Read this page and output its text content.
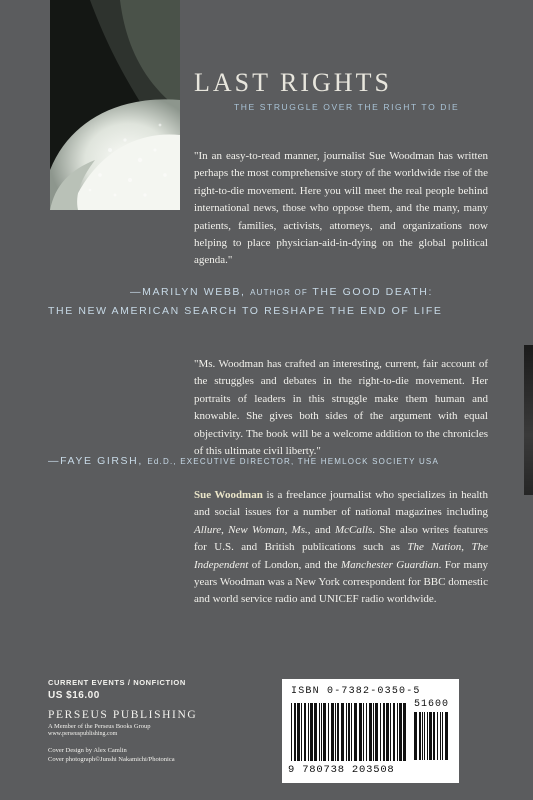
LAST RIGHTS
THE STRUGGLE OVER THE RIGHT TO DIE
"In an easy-to-read manner, journalist Sue Woodman has written perhaps the most comprehensive story of the worldwide rise of the right-to-die movement. Here you will meet the real people behind international news, those who oppose them, and the many, many patients, families, activists, attorneys, and organizations now helping to place physician-aid-in-dying on the global political agenda."
—MARILYN WEBB, AUTHOR OF THE GOOD DEATH:
THE NEW AMERICAN SEARCH TO RESHAPE THE END OF LIFE
"Ms. Woodman has crafted an interesting, current, fair account of the struggles and debates in the right-to-die movement. Her portraits of leaders in this struggle make them human and knowable. She gives both sides of the argument with equal objectivity. The book will be a welcome addition to the chronicles of this ultimate civil liberty."
—FAYE GIRSH, Ed.D., EXECUTIVE DIRECTOR, THE HEMLOCK SOCIETY USA
Sue Woodman is a freelance journalist who specializes in health and social issues for a number of national magazines including Allure, New Woman, Ms., and McCalls. She also writes features for U.S. and British publications such as The Nation, The Independent of London, and the Manchester Guardian. For many years Woodman was a New York correspondent for BBC domestic and world service radio and UNICEF radio worldwide.
CURRENT EVENTS / NONFICTION
US $16.00
PERSEUS PUBLISHING
A Member of the Perseus Books Group
www.perseuspublishing.com
Cover Design by Alex Camlin
Cover photograph©Junshi Nakamichi/Photonica
ISBN 0-7382-0350-5
51600
9 780738 203508
